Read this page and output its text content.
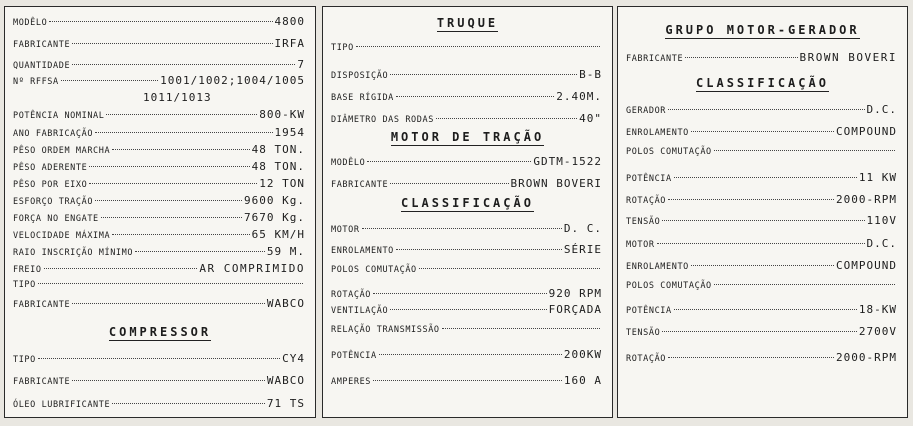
MODÊLO	4800
FABRICANTE	IRFA
QUANTIDADE	7
Nº RFFSA	1001/1002;1004/1005
1011/1013
POTÊNCIA NOMINAL	800-KW
ANO FABRICAÇÃO	1954
PÊSO ORDEM MARCHA	48 TON.
PÊSO ADERENTE	48 TON.
PÊSO POR EIXO	12 TON
ESFORÇO TRAÇÃO	9600 Kg.
FORÇA NO ENGATE	7670 Kg.
VELOCIDADE MÁXIMA	65 KM/H
RAIO INSCRIÇÃO MÍNIMO	59 M.
FREIO	AR COMPRIMIDO
TIPO
FABRICANTE	WABCO
COMPRESSOR
TIPO	CY4
FABRICANTE	WABCO
ÓLEO LUBRIFICANTE	71 TS
TRUQUE
TIPO
DISPOSIÇÃO	B-B
BASE RÍGIDA	2.40M.
DIÂMETRO DAS RODAS	40"
MOTOR DE TRAÇÃO
MODÊLO	GDTM-1522
FABRICANTE	BROWN BOVERI
CLASSIFICAÇÃO
MOTOR	D. C.
ENROLAMENTO	SÉRIE
POLOS COMUTAÇÃO
ROTAÇÃO	920 RPM
VENTILAÇÃO	FORÇADA
RELAÇÃO TRANSMISSÃO
POTÊNCIA	200KW
AMPERES	160 A
GRUPO MOTOR-GERADOR
FABRICANTE	BROWN BOVERI
CLASSIFICAÇÃO
GERADOR	D.C.
ENROLAMENTO	COMPOUND
POLOS COMUTAÇÃO
POTÊNCIA	11 KW
ROTAÇÃO	2000-RPM
TENSÃO	110V
MOTOR	D.C.
ENROLAMENTO	COMPOUND
POLOS COMUTAÇÃO
POTÊNCIA	18-KW
TENSÃO	2700V
ROTAÇÃO	2000-RPM
